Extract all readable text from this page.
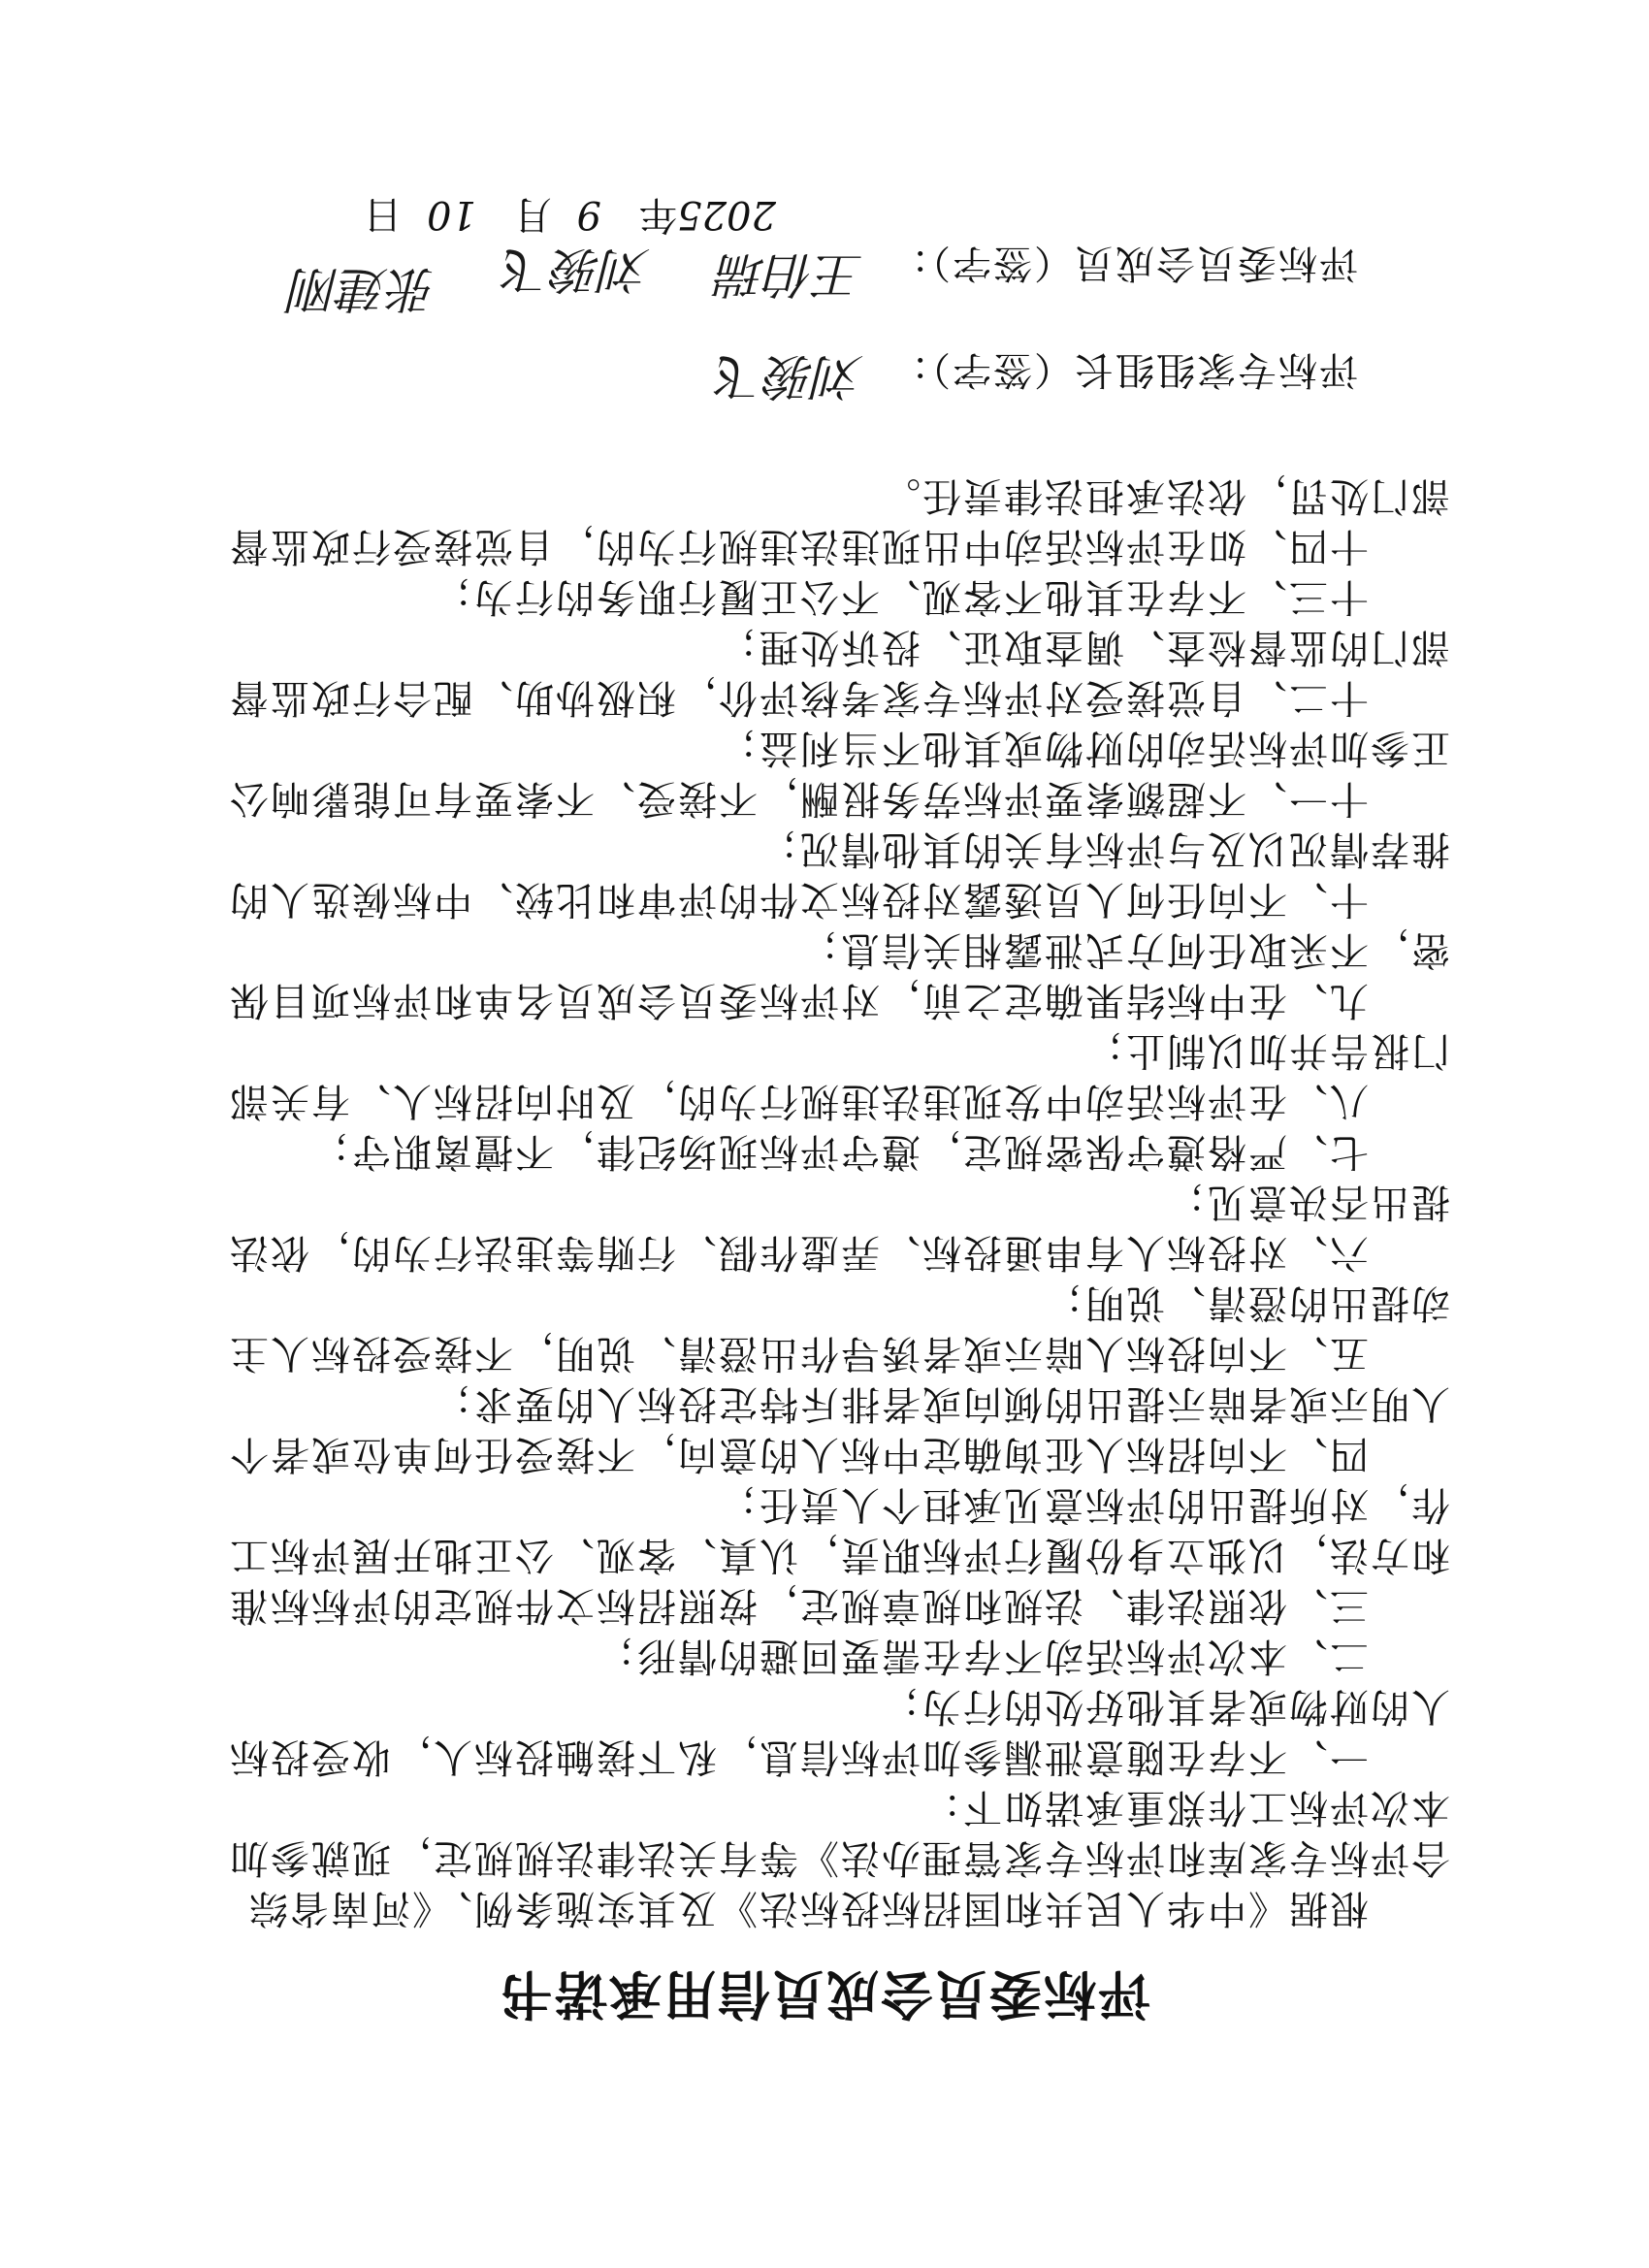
评标委员会成员信用承诺书
根据《中华人民共和国招标投标法》及其实施条例、《河南省综
合评标专家库和评标专家管理办法》等有关法律法规规定，现就参加
本次评标工作郑重承诺如下：
一、不存在随意泄漏参加评标信息，私下接触投标人，收受投标
人的财物或者其他好处的行为；
二、本次评标活动不存在需要回避的情形；
三、依照法律、法规和规章规定，按照招标文件规定的评标标准
和方法，以独立身份履行评标职责，认真、客观、公正地开展评标工
作，对所提出的评标意见承担个人责任；
四、不向招标人征询确定中标人的意向，不接受任何单位或者个
人明示或者暗示提出的倾向或者排斥特定投标人的要求；
五、不向投标人暗示或者诱导作出澄清、说明，不接受投标人主
动提出的澄清、说明；
六、对投标人有串通投标、弄虚作假、行贿等违法行为的，依法
提出否决意见；
七、严格遵守保密规定，遵守评标现场纪律，不擅离职守；
八、在评标活动中发现违法违规行为的，及时向招标人、有关部
门报告并加以制止；
九、在中标结果确定之前，对评标委员会成员名单和评标项目保
密，不采取任何方式泄露相关信息；
十、不向任何人员透露对投标文件的评审和比较、中标候选人的
推荐情况以及与评标有关的其他情况；
十一、不超额索要评标劳务报酬，不接受、不索要有可能影响公
正参加评标活动的财物或其他不当利益；
十二、自觉接受对评标专家考核评价，积极协助、配合行政监督
部门的监督检查、调查取证、投诉处理；
十三、不存在其他不客观、不公正履行职务的行为；
十四、如在评标活动中出现违法违规行为的，自觉接受行政监督
部门处罚，依法承担法律责任。
评标专家组组长（签字）：
刘骏飞
评标委员会成员（签字）：
王伯瑞
刘骏飞
张建刚
2025年   9  月   10  日
